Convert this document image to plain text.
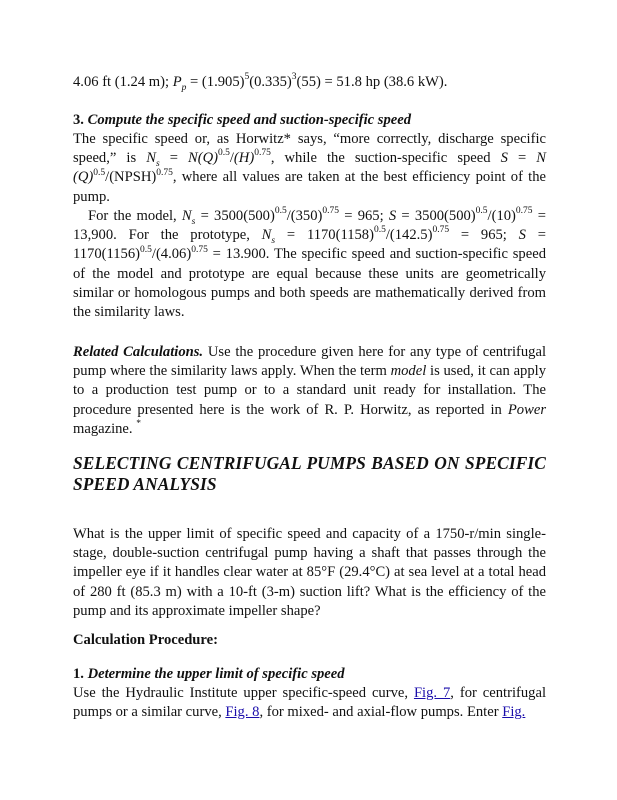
4.06 ft (1.24 m); $P_p = (1.905)^5(0.335)^3(55) = 51.8$ hp (38.6 kW).

3. Compute the specific speed and suction-specific speed

The specific speed or, as Horwitz* says, “more correctly, discharge specific speed,” is $N_s = N(Q)^{0.5}/(H)^{0.75}$, while the suction-specific speed S = N $(Q)^{0.5}/(NPSH)^{0.75}$, where all values are taken at the best efficiency point of the pump.

For the model, $N_s = 3500(500)^{0.5}/(350)^{0.75} = 965$; $S = 3500(500)^{0.5}/(10)^{0.75} = 13,900$. For the prototype, $N_s = 1170(1158)^{0.5}/(142.5)^{0.75} = 965$; $S = 1170(1156)^{0.5}/(4.06)^{0.75} = 13.900$. The specific speed and suction-specific speed of the model and prototype are equal because these units are geometrically similar or homologous pumps and both speeds are mathematically derived from the similarity laws.

Related Calculations. Use the procedure given here for any type of centrifugal pump where the similarity laws apply. When the term model is used, it can apply to a production test pump or to a standard unit ready for installation. The procedure presented here is the work of R. P. Horwitz, as reported in Power magazine. *

SELECTING CENTRIFUGAL PUMPS BASED ON SPECIFIC SPEED ANALYSIS

What is the upper limit of specific speed and capacity of a 1750-r/min single-stage, double-suction centrifugal pump having a shaft that passes through the impeller eye if it handles clear water at 85°F (29.4°C) at sea level at a total head of 280 ft (85.3 m) with a 10-ft (3-m) suction lift? What is the efficiency of the pump and its approximate impeller shape?

Calculation Procedure:

1. Determine the upper limit of specific speed

Use the Hydraulic Institute upper specific-speed curve, Fig. 7, for centrifugal pumps or a similar curve, Fig. 8, for mixed- and axial-flow pumps. Enter Fig.
